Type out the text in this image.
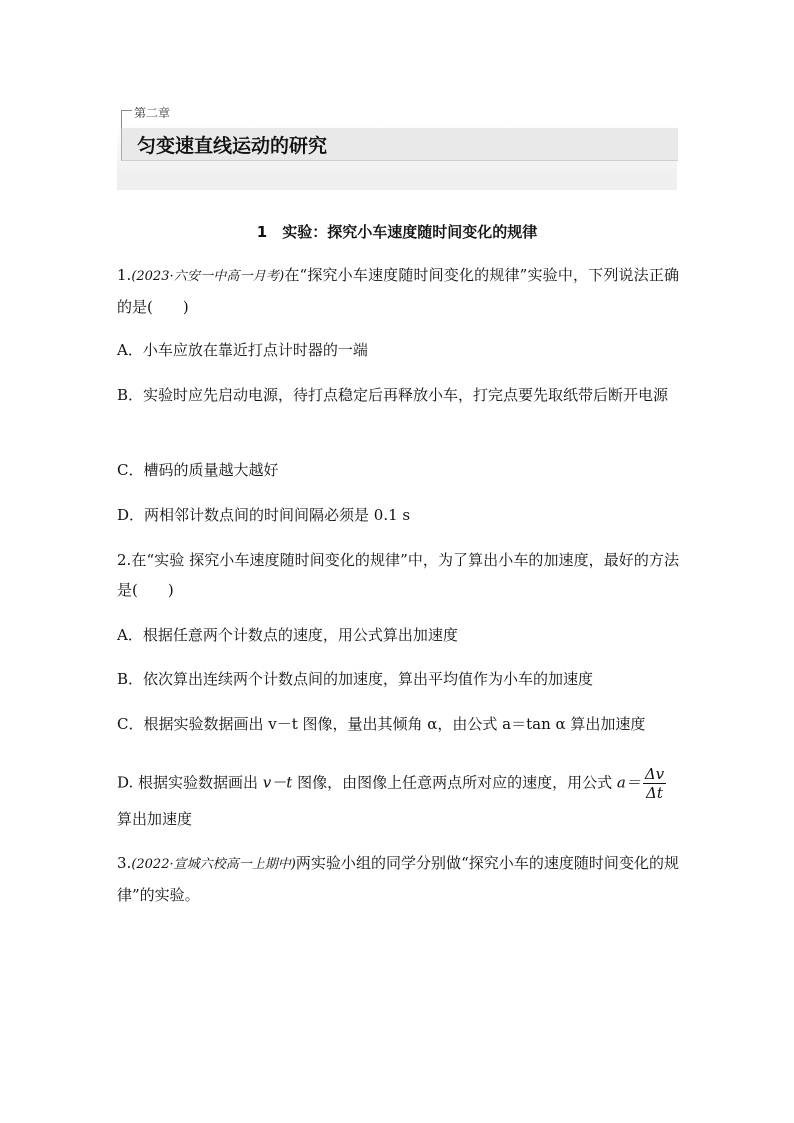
第二章
匀变速直线运动的研究
1　实验：探究小车速度随时间变化的规律
1.(2023·六安一中高一月考)在“探究小车速度随时间变化的规律”实验中，下列说法正确的是(　　)
A．小车应放在靠近打点计时器的一端
B．实验时应先启动电源，待打点稳定后再释放小车，打完点要先取纸带后断开电源
C．槽码的质量越大越好
D．两相邻计数点间的时间间隔必须是 0.1 s
2.在“实验 探究小车速度随时间变化的规律”中，为了算出小车的加速度，最好的方法是(　　)
A．根据任意两个计数点的速度，用公式算出加速度
B．依次算出连续两个计数点间的加速度，算出平均值作为小车的加速度
C．根据实验数据画出 v－t 图像，量出其倾角 α，由公式 a＝tan α 算出加速度
D. 根据实验数据画出 v－t 图像，由图像上任意两点所对应的速度，用公式 $a= \frac{\Delta v}{\Delta t}$
算出加速度
3.(2022·宣城六校高一上期中)两实验小组的同学分别做“探究小车的速度随时间变化的规律”的实验。
